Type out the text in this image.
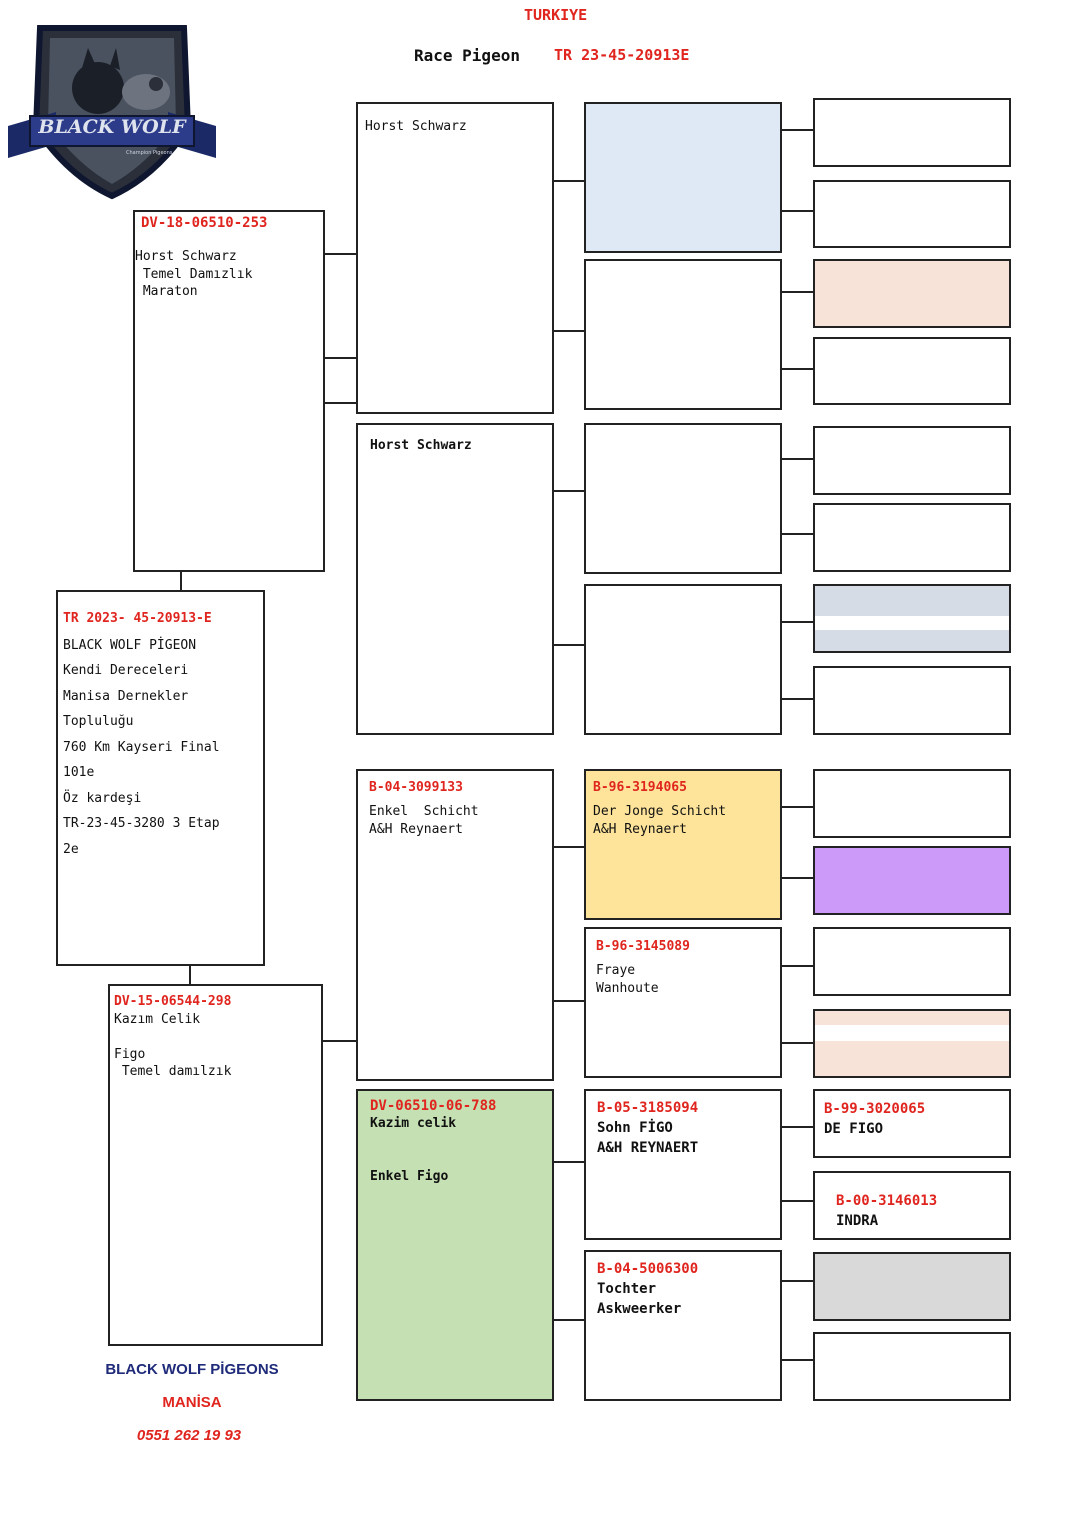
TURKIYE
Race Pigeon TR 23-45-20913E
BLACK WOLF
Champion Pigeons
DV-18-06510-253
Horst Schwarz
Temel Damızlık
Maraton
TR 2023- 45-20913-E
BLACK WOLF PİGEON
Kendi Dereceleri
Manisa Dernekler
Topluluğu
760 Km Kayseri Final
101e
Öz kardeşi
TR-23-45-3280 3 Etap
2e
DV-15-06544-298
Kazım Celik
Figo
Temel damılzık
Horst Schwarz
Horst Schwarz
B-04-3099133
Enkel  Schicht
A&H Reynaert
DV-06510-06-788
Kazim celik
Enkel Figo
B-96-3194065
Der Jonge Schicht
A&H Reynaert
B-96-3145089
Fraye
Wanhoute
B-05-3185094
Sohn FİGO
A&H REYNAERT
B-04-5006300
Tochter
Askweerker
B-99-3020065
DE FIGO
B-00-3146013
INDRA
BLACK WOLF PİGEONS
MANİSA
0551 262 19 93
